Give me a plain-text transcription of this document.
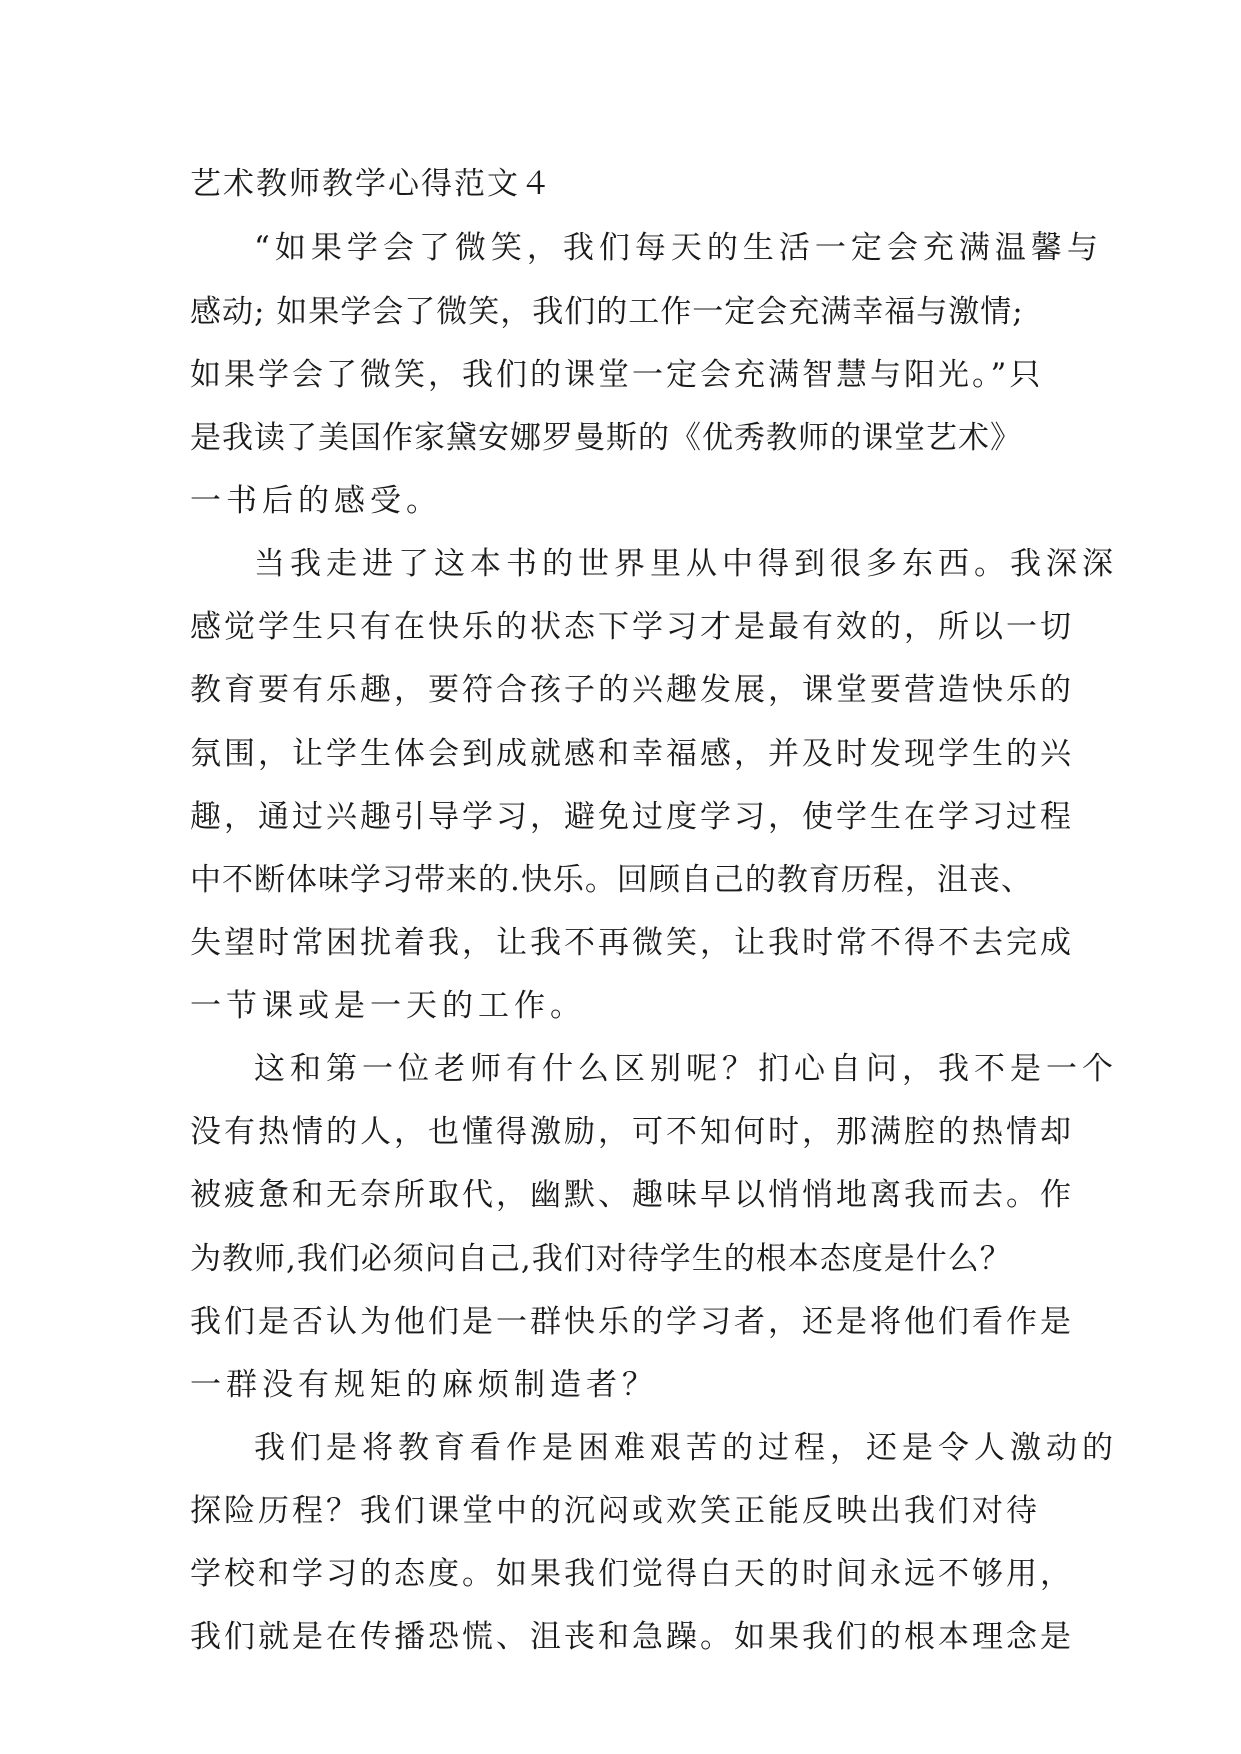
艺术教师教学心得范文４
“如果学会了微笑，我们每天的生活一定会充满温馨与
感动; 如果学会了微笑，我们的工作一定会充满幸福与激情;
如果学会了微笑，我们的课堂一定会充满智慧与阳光。”只
是我读了美国作家黛安娜罗曼斯的《优秀教师的课堂艺术》
一书后的感受。
当我走进了这本书的世界里从中得到很多东西。我深深
感觉学生只有在快乐的状态下学习才是最有效的，所以一切
教育要有乐趣，要符合孩子的兴趣发展，课堂要营造快乐的
氛围，让学生体会到成就感和幸福感，并及时发现学生的兴
趣，通过兴趣引导学习，避免过度学习，使学生在学习过程
中不断体味学习带来的.快乐。回顾自己的教育历程，沮丧、
失望时常困扰着我，让我不再微笑，让我时常不得不去完成
一节课或是一天的工作。
这和第一位老师有什么区别呢？扪心自问，我不是一个
没有热情的人，也懂得激励，可不知何时，那满腔的热情却
被疲惫和无奈所取代，幽默、趣味早以悄悄地离我而去。作
为教师,我们必须问自己,我们对待学生的根本态度是什么？
我们是否认为他们是一群快乐的学习者，还是将他们看作是
一群没有规矩的麻烦制造者？
我们是将教育看作是困难艰苦的过程，还是令人激动的
探险历程？我们课堂中的沉闷或欢笑正能反映出我们对待
学校和学习的态度。如果我们觉得白天的时间永远不够用，
我们就是在传播恐慌、沮丧和急躁。如果我们的根本理念是
